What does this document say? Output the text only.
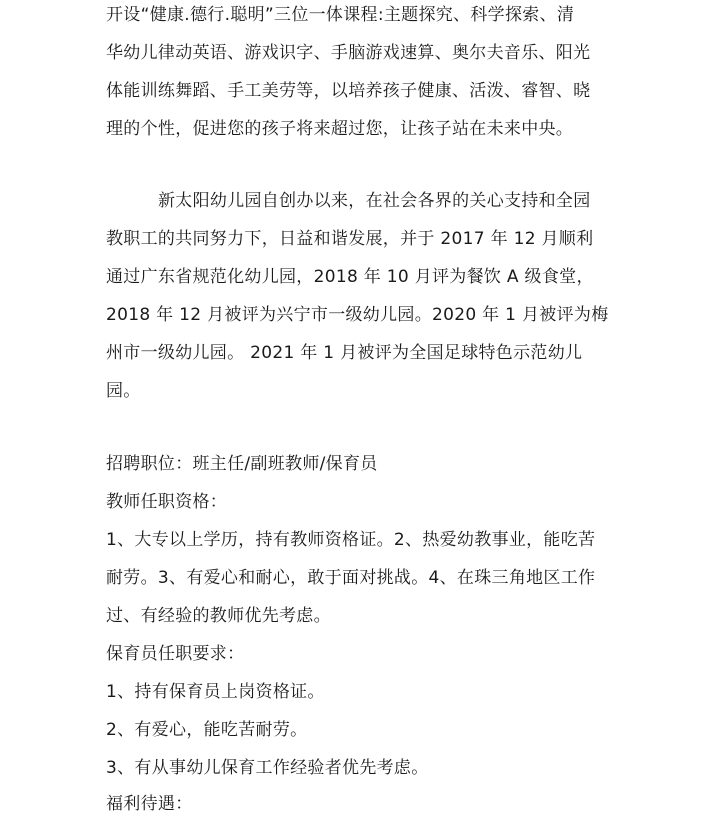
开设“健康.德行.聪明”三位一体课程:主题探究、科学探索、清
华幼儿律动英语、游戏识字、手脑游戏速算、奥尔夫音乐、阳光
体能训练舞蹈、手工美劳等，以培养孩子健康、活泼、睿智、晓
理的个性，促进您的孩子将来超过您，让孩子站在未来中央。
新太阳幼儿园自创办以来，在社会各界的关心支持和全园
教职工的共同努力下，日益和谐发展，并于 2017 年 12 月顺利
通过广东省规范化幼儿园，2018 年 10 月评为餐饮 A 级食堂，
2018 年 12 月被评为兴宁市一级幼儿园。2020 年 1 月被评为梅
州市一级幼儿园。 2021 年 1 月被评为全国足球特色示范幼儿
园。
招聘职位：班主任/副班教师/保育员
教师任职资格：
1、大专以上学历，持有教师资格证。2、热爱幼教事业，能吃苦
耐劳。3、有爱心和耐心，敢于面对挑战。4、在珠三角地区工作
过、有经验的教师优先考虑。
保育员任职要求：
1、持有保育员上岗资格证。
2、有爱心，能吃苦耐劳。
3、有从事幼儿保育工作经验者优先考虑。
福利待遇：
